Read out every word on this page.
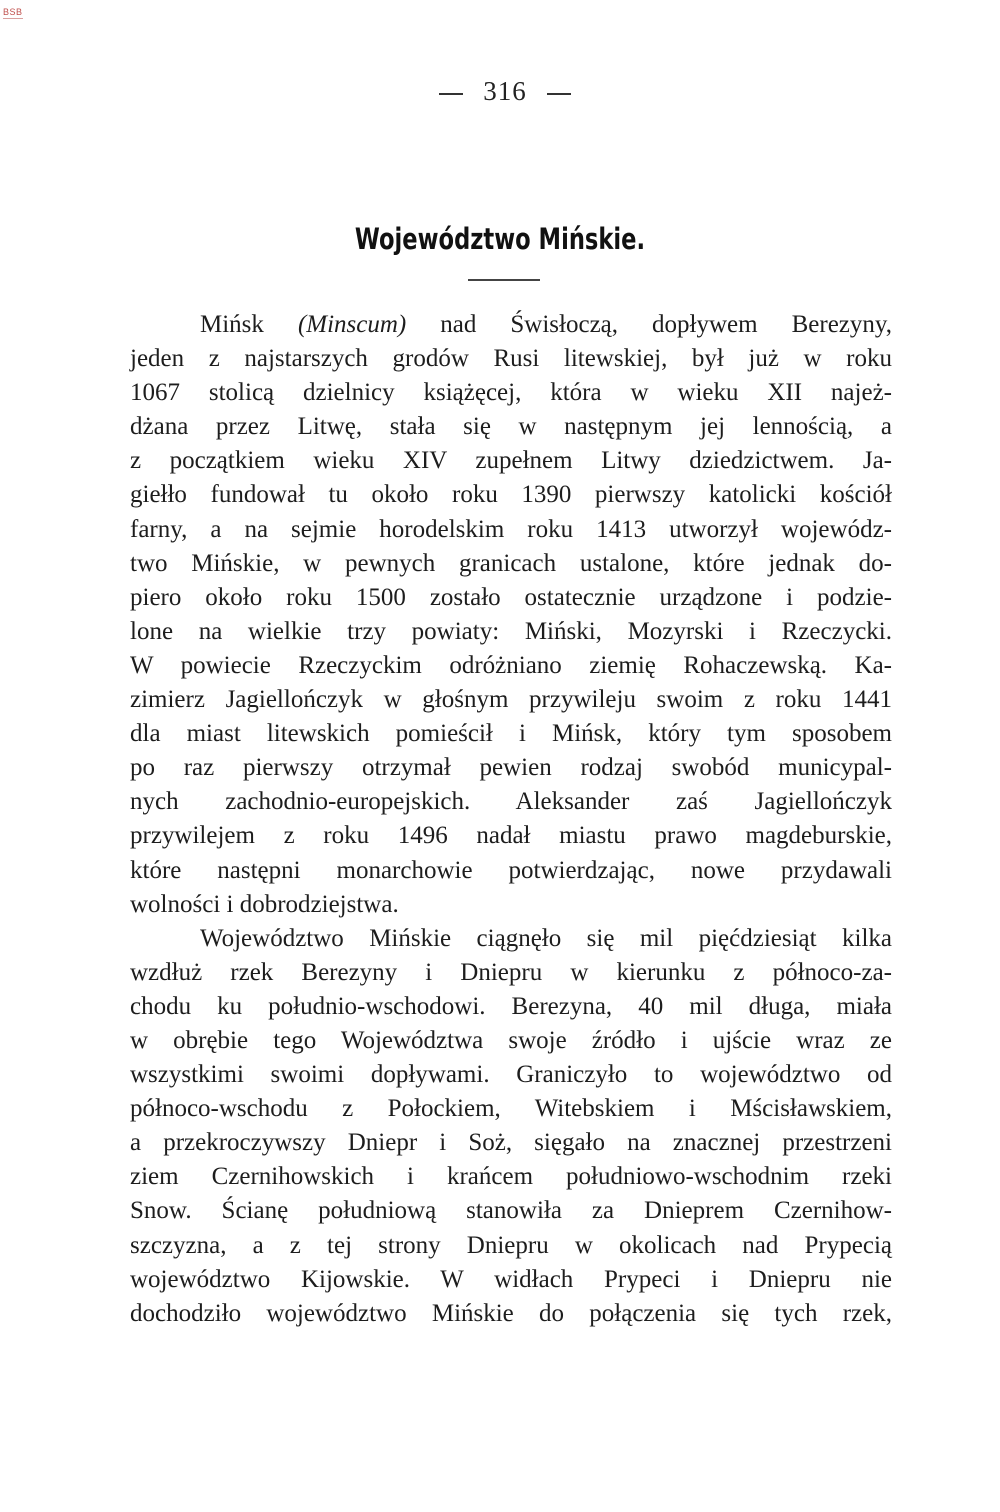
BSB
316
Województwo Mińskie.
Mińsk (Minscum) nad Świsłoczą, dopływem Berezyny,
jeden z najstarszych grodów Rusi litewskiej, był już w roku
1067 stolicą dzielnicy książęcej, która w wieku XII najeż-
dżana przez Litwę, stała się w następnym jej lennością, a
z początkiem wieku XIV zupełnem Litwy dziedzictwem. Ja-
giełło fundował tu około roku 1390 pierwszy katolicki kościół
farny, a na sejmie horodelskim roku 1413 utworzył wojewódz-
two Mińskie, w pewnych granicach ustalone, które jednak do-
piero około roku 1500 zostało ostatecznie urządzone i podzie-
lone na wielkie trzy powiaty: Miński, Mozyrski i Rzeczycki.
W powiecie Rzeczyckim odróżniano ziemię Rohaczewską. Ka-
zimierz Jagiellończyk w głośnym przywileju swoim z roku 1441
dla miast litewskich pomieścił i Mińsk, który tym sposobem
po raz pierwszy otrzymał pewien rodzaj swobód municypal-
nych zachodnio-europejskich. Aleksander zaś Jagiellończyk
przywilejem z roku 1496 nadał miastu prawo magdeburskie,
które następni monarchowie potwierdzając, nowe przydawali
wolności i dobrodziejstwa.
Województwo Mińskie ciągnęło się mil pięćdziesiąt kilka
wzdłuż rzek Berezyny i Dniepru w kierunku z północo-za-
chodu ku południo-wschodowi. Berezyna, 40 mil długa, miała
w obrębie tego Województwa swoje źródło i ujście wraz ze
wszystkimi swoimi dopływami. Graniczyło to województwo od
północo-wschodu z Połockiem, Witebskiem i Mścisławskiem,
a przekroczywszy Dniepr i Soż, sięgało na znacznej przestrzeni
ziem Czernihowskich i krańcem południowo-wschodnim rzeki
Snow. Ścianę południową stanowiła za Dnieprem Czernihow-
szczyzna, a z tej strony Dniepru w okolicach nad Prypecią
województwo Kijowskie. W widłach Prypeci i Dniepru nie
dochodziło województwo Mińskie do połączenia się tych rzek,
